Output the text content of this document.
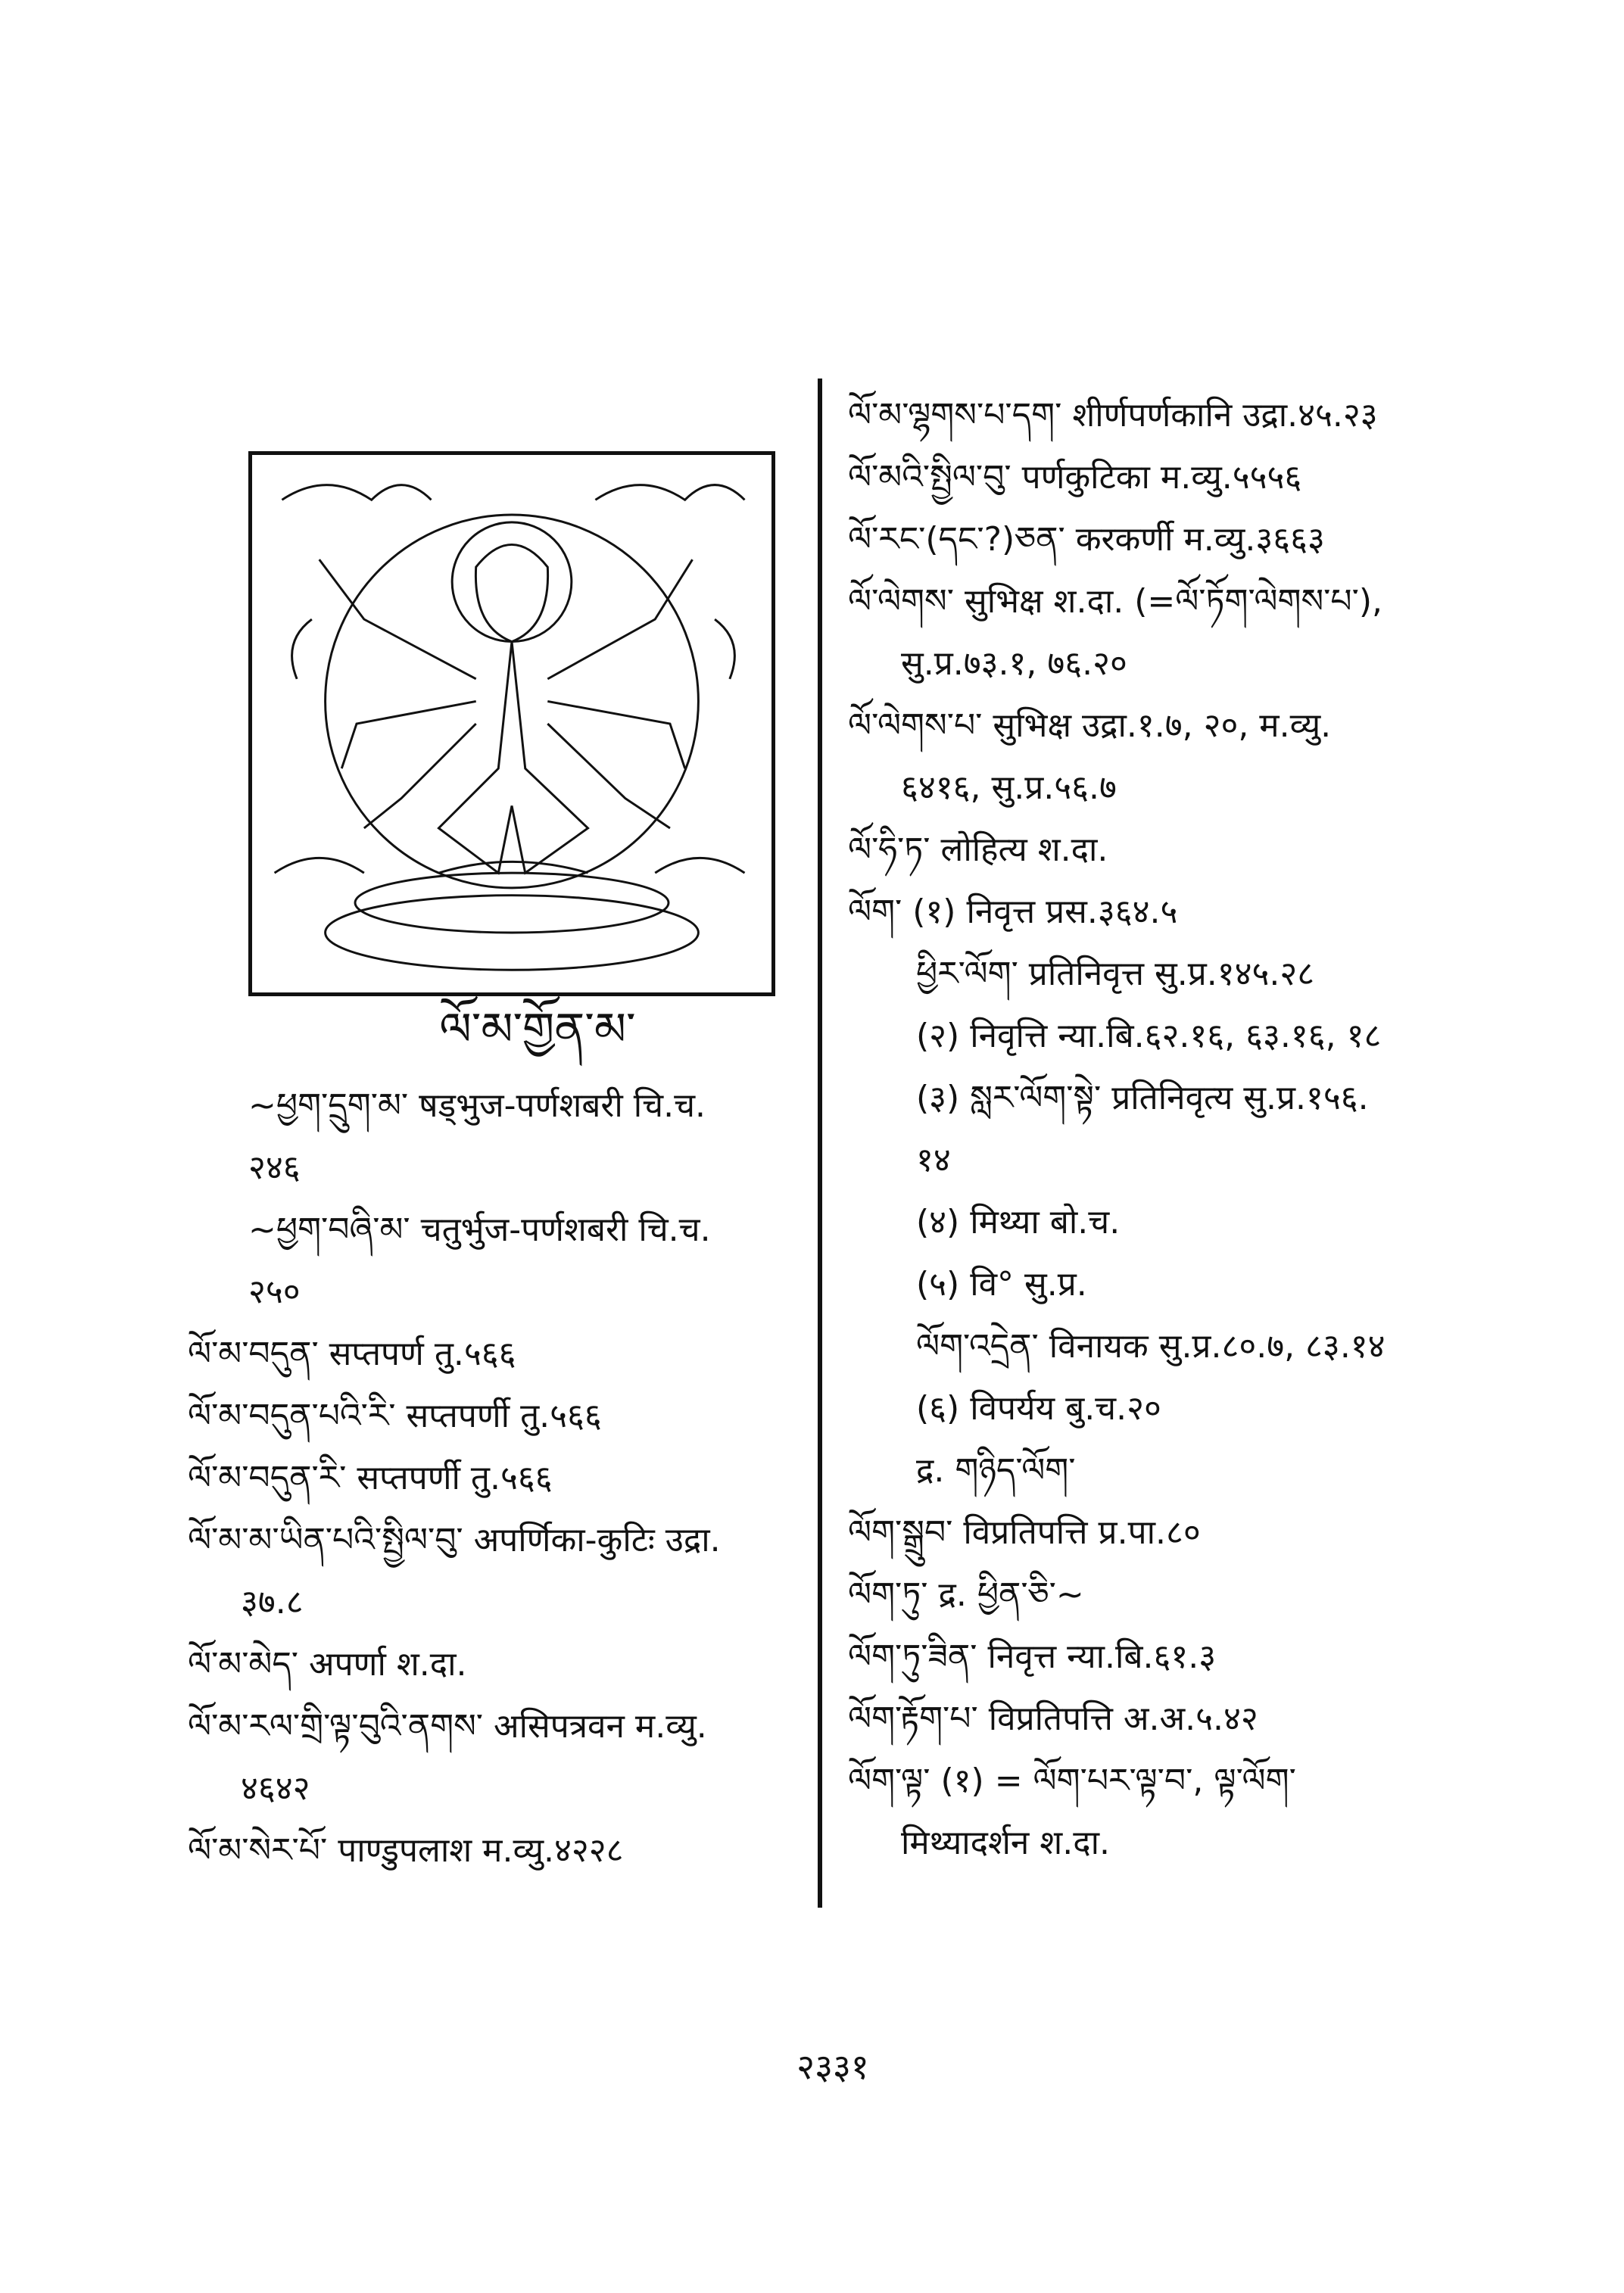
ལོ་མ་གྱོན་མ་
~ཕྱག་དྲུག་མ་ षड्भुज-पर्णशबरी चि.च.
२४६
~ཕྱག་བཞི་མ་ चतुर्भुज-पर्णशबरी चि.च.
२५०
ལོ་མ་བདུན་ सप्तपर्ण तु.५६६
ལོ་མ་བདུན་པའི་རི་ सप्तपर्णी तु.५६६
ལོ་མ་བདུན་རི་ सप्तपर्णी तु.५६६
ལོ་མ་མ་ཡིན་པའི་སྤྱིལ་བུ་ अपर्णिका-कुटिः उद्रा.
३७.८
ལོ་མ་མེད་ अपर्णा श.दा.
ལོ་མ་རལ་གྲི་ལྟ་བུའི་ནགས་ असिपत्रवन म.व्यु.
४६४२
ལོ་མ་སེར་པོ་ पाण्डुपलाश म.व्यु.४२२८
ལོ་མ་ལྷགས་པ་དག་ शीर्णपर्णकानि उद्रा.४५.२३
ལོ་མའི་སྤྱིལ་བུ་ पर्णकुटिका म.व्यु.५५५६
ལོ་རང་(དང་?)ཅན་ करकर्णी म.व्यु.३६६३
ལོ་ལེགས་ सुभिक्ष श.दा. (=ལོ་ཏོག་ལེགས་པ་),
सु.प्र.७३.१, ७६.२०
ལོ་ལེགས་པ་ सुभिक्ष उद्रा.१.७, २०, म.व्यु.
६४१६, सु.प्र.५६.७
ལོ་ཧི་ཏ་ लोहित्य श.दा.
ལོག་ (१) निवृत्त प्रस.३६४.५
ཕྱིར་ལོག་ प्रतिनिवृत्त सु.प्र.१४५.२८
(२) निवृत्ति न्या.बि.६२.१६, ६३.१६, १८
(३) སླར་ལོག་སྟེ་ प्रतिनिवृत्य सु.प्र.१५६.
१४
(४) मिथ्या बो.च.
(५) वि° सु.प्र.
ལོག་འདྲེན་ विनायक सु.प्र.८०.७, ८३.१४
(६) विपर्यय बु.च.२०
द्र. གཉིད་ལོག་
ལོག་སྒྲུབ་ विप्रतिपत्ति प्र.पा.८०
ལོག་ཏུ་ द्र. ཕྱིན་ཅི་~
ལོག་ཏུ་ཟིན་ निवृत्त न्या.बि.६१.३
ལོག་རྟོག་པ་ विप्रतिपत्ति अ.अ.५.४२
ལོག་ལྟ་ (१) = ལོག་པར་ལྟ་བ་, ལྟ་ལོག་
मिथ्यादर्शन श.दा.
२३३१
